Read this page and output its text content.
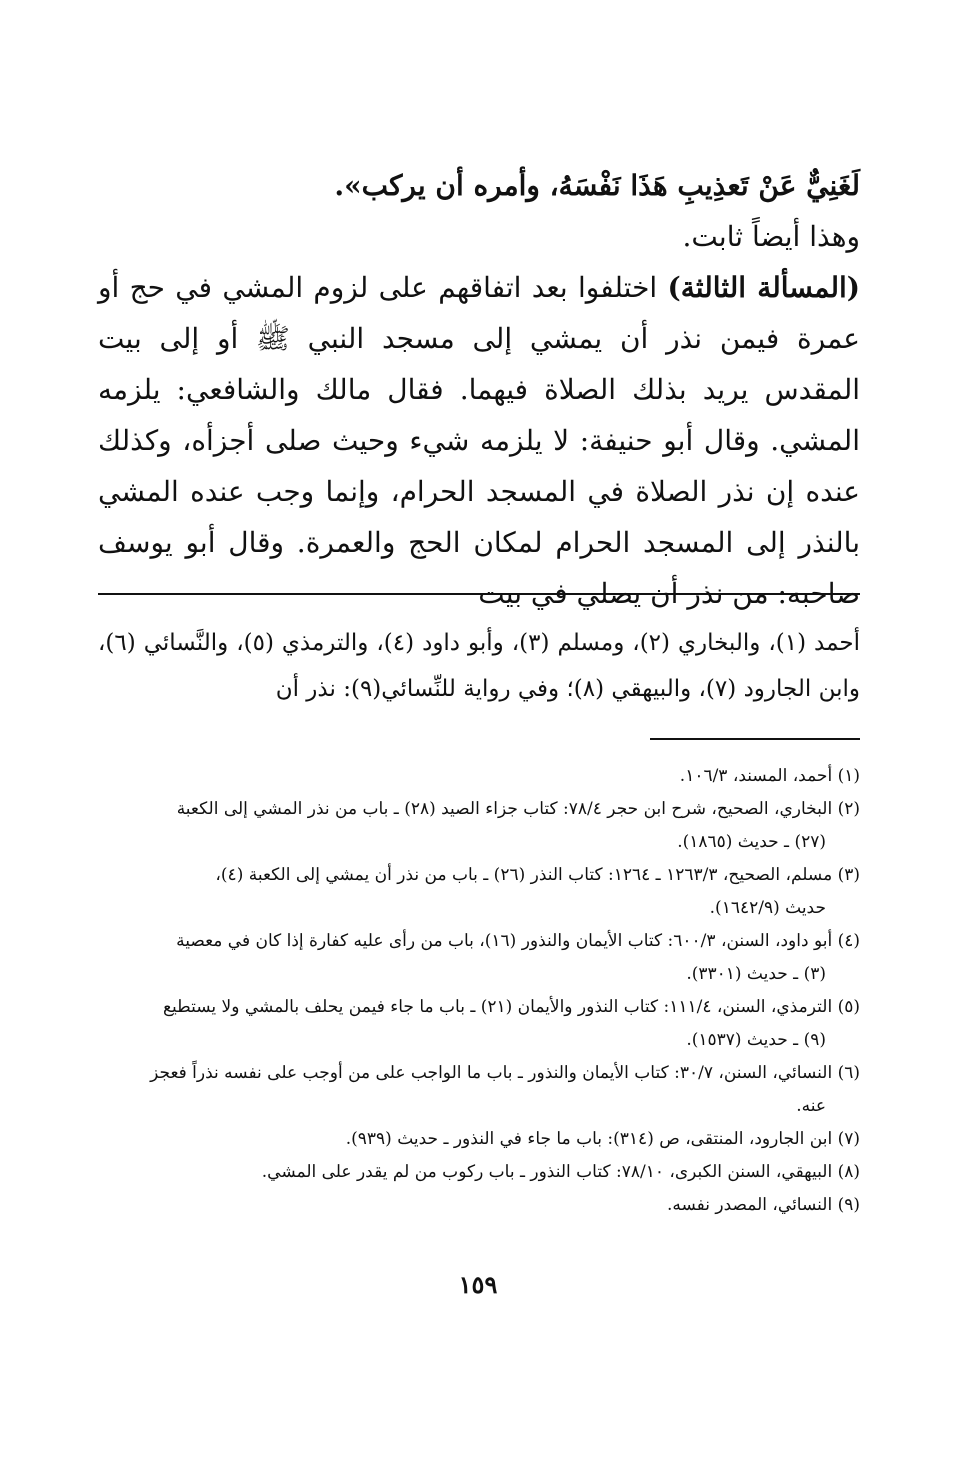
لَغَنِيٌّ عَنْ تَعذِيبِ هَذَا نَفْسَهُ، وأمره أن يركب».

وهذا أيضاً ثابت.

(المسألة الثالثة) اختلفوا بعد اتفاقهم على لزوم المشي في حج أو عمرة فيمن نذر أن يمشي إلى مسجد النبي ﷺ أو إلى بيت المقدس يريد بذلك الصلاة فيهما. فقال مالك والشافعي: يلزمه المشي. وقال أبو حنيفة: لا يلزمه شيء وحيث صلى أجزأه، وكذلك عنده إن نذر الصلاة في المسجد الحرام، وإنما وجب عنده المشي بالنذر إلى المسجد الحرام لمكان الحج والعمرة. وقال أبو يوسف صاحبه: من نذر أن يصلي في بيت

أحمد (١)، والبخاري (٢)، ومسلم (٣)، وأبو داود (٤)، والترمذي (٥)، والنَّسائي (٦)، وابن الجارود (٧)، والبيهقي (٨)؛ وفي رواية للنِّسائي(٩): نذر أن

(١) أحمد، المسند، ١٠٦/٣.
(٢) البخاري، الصحيح، شرح ابن حجر ٧٨/٤: كتاب جزاء الصيد (٢٨) ـ باب من نذر المشي إلى الكعبة
(٢٧) ـ حديث (١٨٦٥).
(٣) مسلم، الصحيح، ١٢٦٣/٣ ـ ١٢٦٤: كتاب النذر (٢٦) ـ باب من نذر أن يمشي إلى الكعبة (٤)،
حديث (١٦٤٢/٩).
(٤) أبو داود، السنن، ٦٠٠/٣: كتاب الأيمان والنذور (١٦)، باب من رأى عليه كفارة إذا كان في معصية
(٣) ـ حديث (٣٣٠١).
(٥) الترمذي، السنن، ١١١/٤: كتاب النذور والأيمان (٢١) ـ باب ما جاء فيمن يحلف بالمشي ولا يستطيع
(٩) ـ حديث (١٥٣٧).
(٦) النسائي، السنن، ٣٠/٧: كتاب الأيمان والنذور ـ باب ما الواجب على من أوجب على نفسه نذراً فعجز
عنه.
(٧) ابن الجارود، المنتقى، ص (٣١٤): باب ما جاء في النذور ـ حديث (٩٣٩).
(٨) البيهقي، السنن الكبرى، ٧٨/١٠: كتاب النذور ـ باب ركوب من لم يقدر على المشي.
(٩) النسائي، المصدر نفسه.
١٥٩
